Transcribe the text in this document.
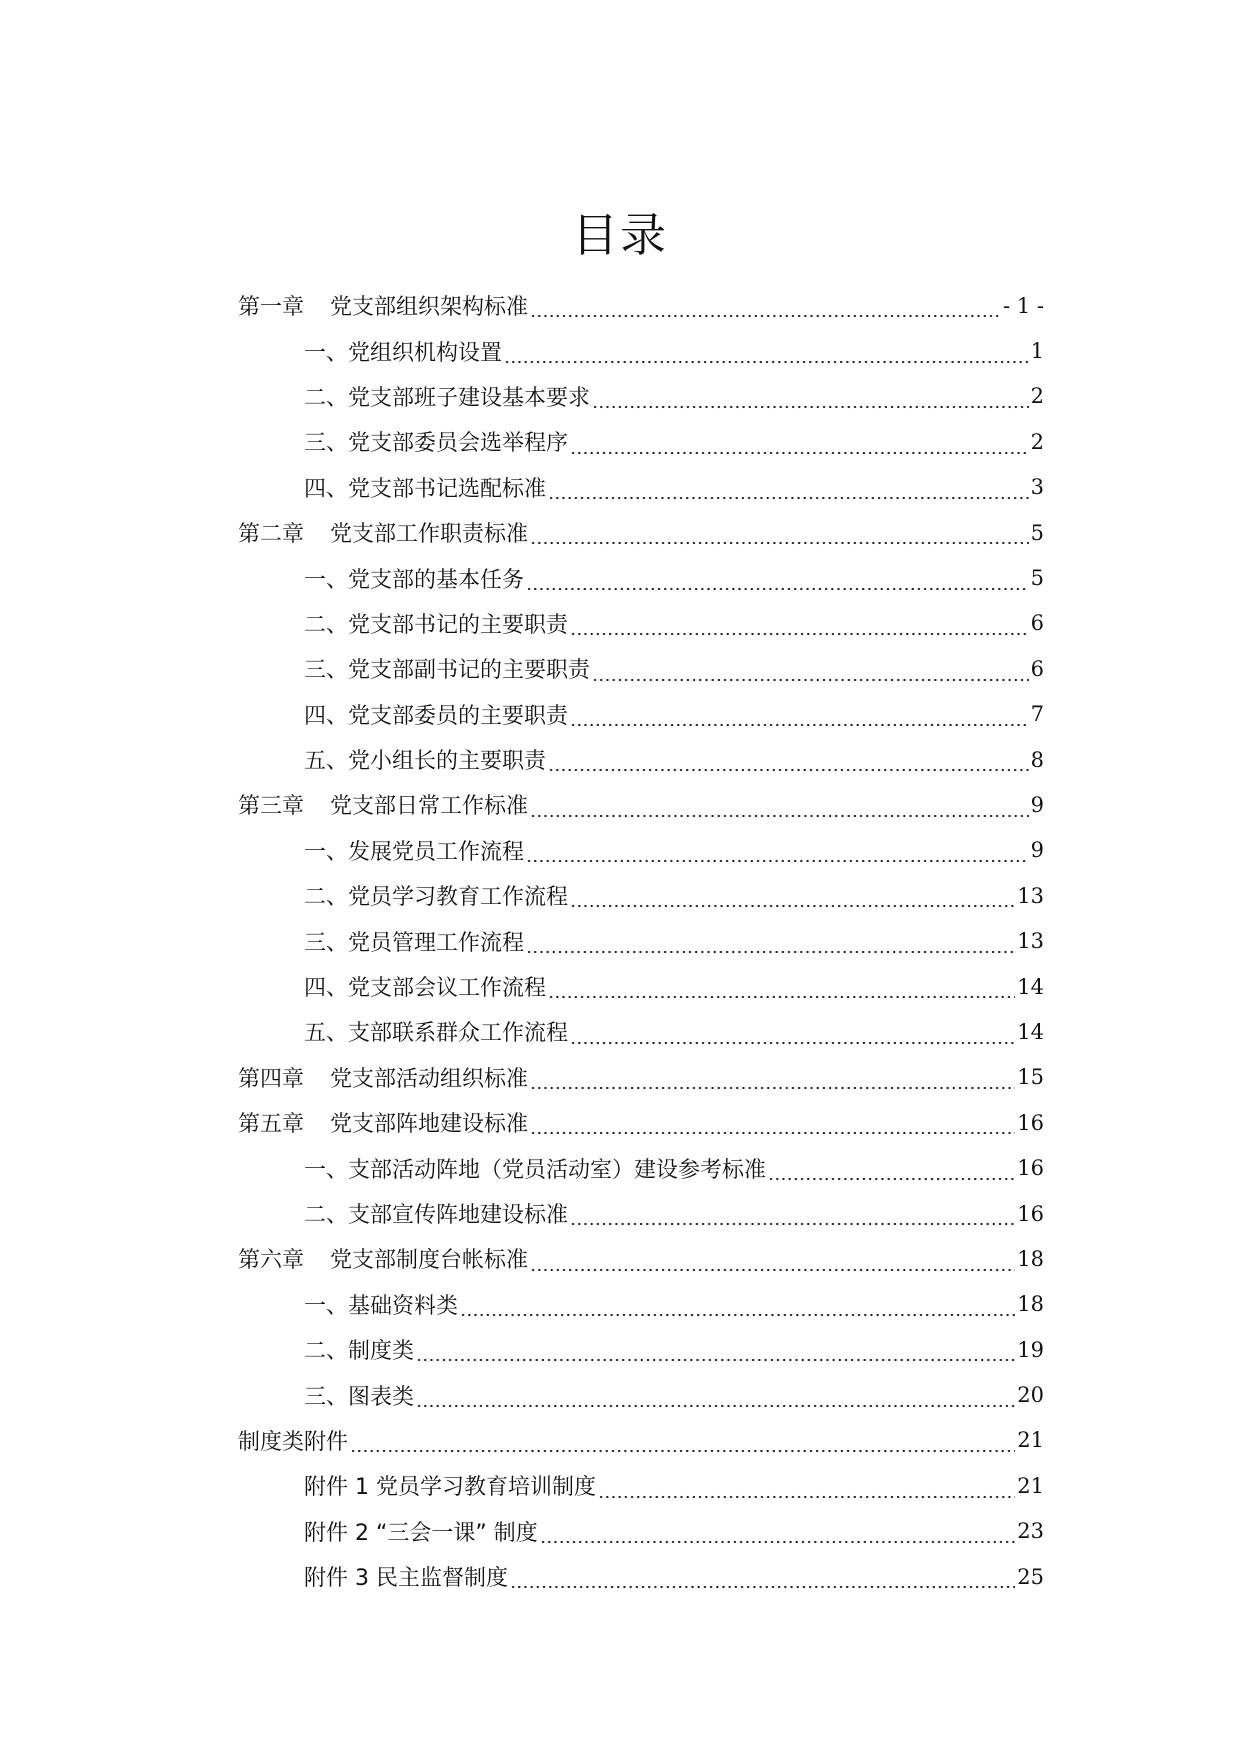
目录
第一章 党支部组织架构标准	- 1 -
一、 党组织机构设置	1
二、 党支部班子建设基本要求	2
三、 党支部委员会选举程序	2
四、 党支部书记选配标准	3
第二章 党支部工作职责标准	5
一、 党支部的基本任务	5
二、 党支部书记的主要职责	6
三、 党支部副书记的主要职责	6
四、 党支部委员的主要职责	7
五、 党小组长的主要职责	8
第三章 党支部日常工作标准	9
一、 发展党员工作流程	9
二、 党员学习教育工作流程	13
三、 党员管理工作流程	13
四、 党支部会议工作流程	14
五、 支部联系群众工作流程	14
第四章 党支部活动组织标准	15
第五章 党支部阵地建设标准	16
一、 支部活动阵地（党员活动室）建设参考标准	16
二、 支部宣传阵地建设标准	16
第六章 党支部制度台帐标准	18
一、 基础资料类	18
二、 制度类	19
三、 图表类	20
制度类附件	21
附件 1 党员学习教育培训制度	21
附件 2 “三会一课” 制度	23
附件 3 民主监督制度	25
